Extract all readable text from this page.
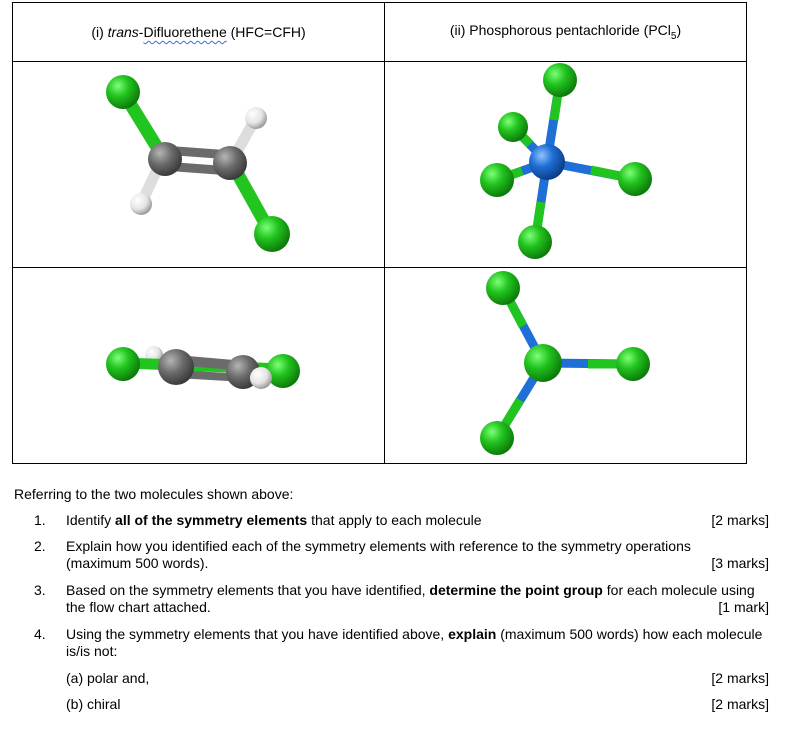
(i) trans-Difluorethene (HFC=CFH)	(ii) Phosphorous pentachloride (PCl$_5$)

Referring to the two molecules shown above:
1. Identify all of the symmetry elements that apply to each molecule	[2 marks]
2. Explain how you identified each of the symmetry elements with reference to the symmetry operations (maximum 500 words).	[3 marks]
3. Based on the symmetry elements that you have identified, determine the point group for each molecule using the flow chart attached.	[1 mark]
4. Using the symmetry elements that you have identified above, explain (maximum 500 words) how each molecule is/is not:
(a) polar and,	[2 marks]
(b) chiral	[2 marks]
